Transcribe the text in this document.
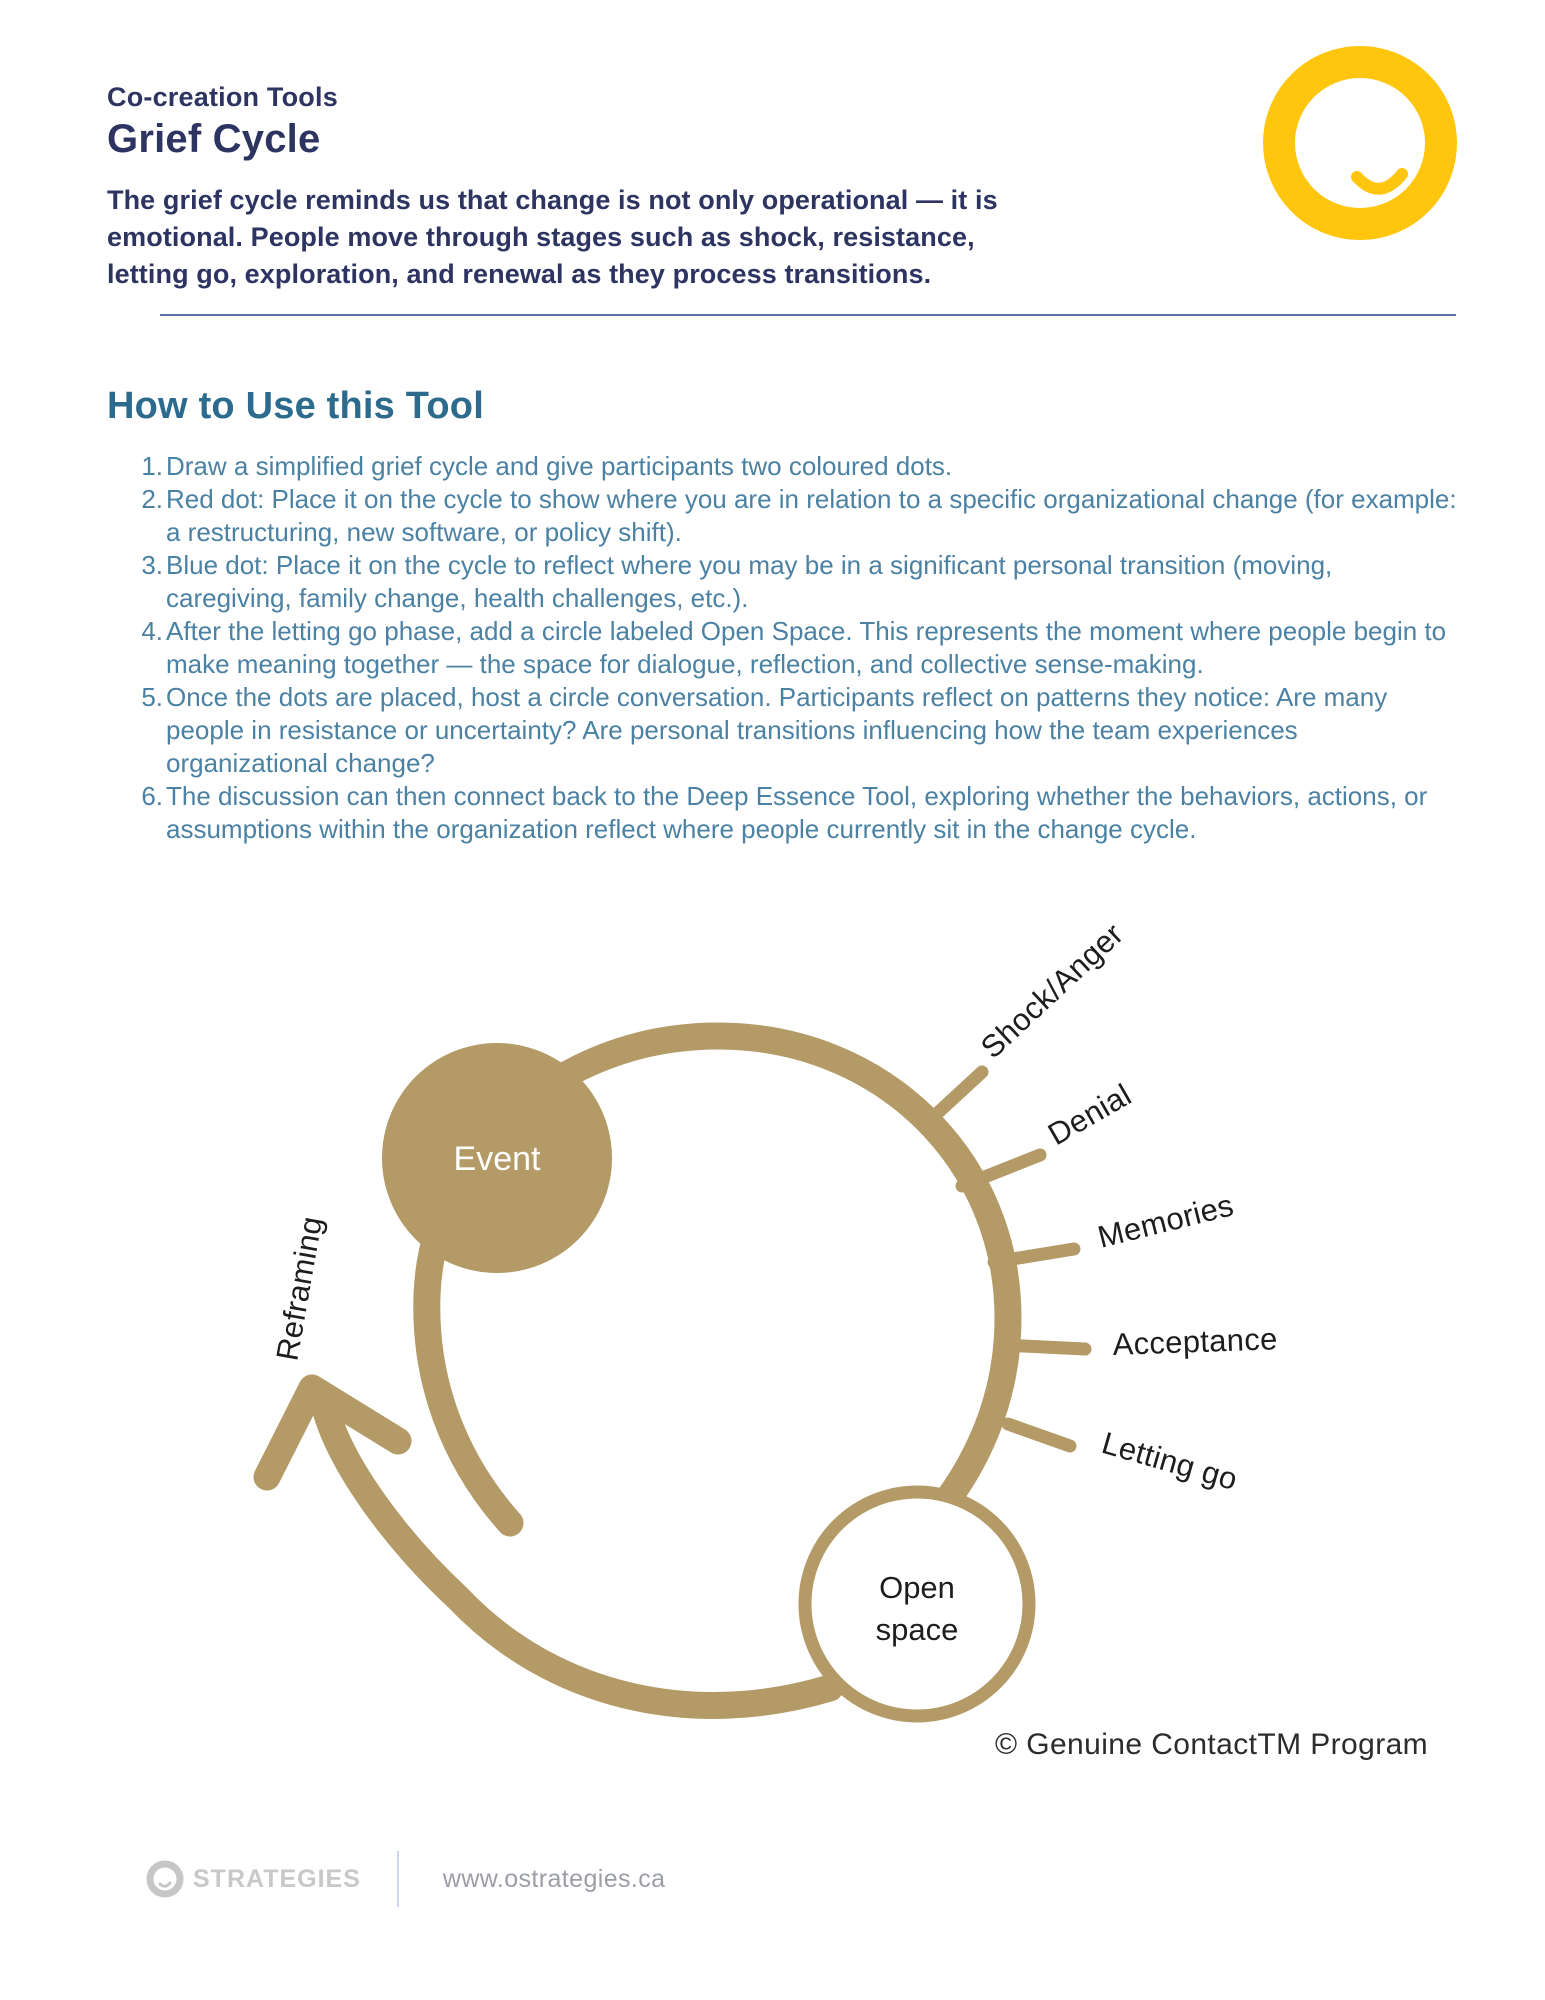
Co-creation Tools
Grief Cycle
The grief cycle reminds us that change is not only operational — it is emotional. People move through stages such as shock, resistance, letting go, exploration, and renewal as they process transitions.
How to Use this Tool
1. Draw a simplified grief cycle and give participants two coloured dots.
2. Red dot: Place it on the cycle to show where you are in relation to a specific organizational change (for example: a restructuring, new software, or policy shift).
3. Blue dot: Place it on the cycle to reflect where you may be in a significant personal transition (moving, caregiving, family change, health challenges, etc.).
4. After the letting go phase, add a circle labeled Open Space. This represents the moment where people begin to make meaning together — the space for dialogue, reflection, and collective sense-making.
5. Once the dots are placed, host a circle conversation. Participants reflect on patterns they notice: Are many people in resistance or uncertainty? Are personal transitions influencing how the team experiences organizational change?
6. The discussion can then connect back to the Deep Essence Tool, exploring whether the behaviors, actions, or assumptions within the organization reflect where people currently sit in the change cycle.
Event
Open
space
Shock/Anger
Denial
Memories
Acceptance
Letting go
Reframing
© Genuine ContactTM Program
STRATEGIES	www.ostrategies.ca
